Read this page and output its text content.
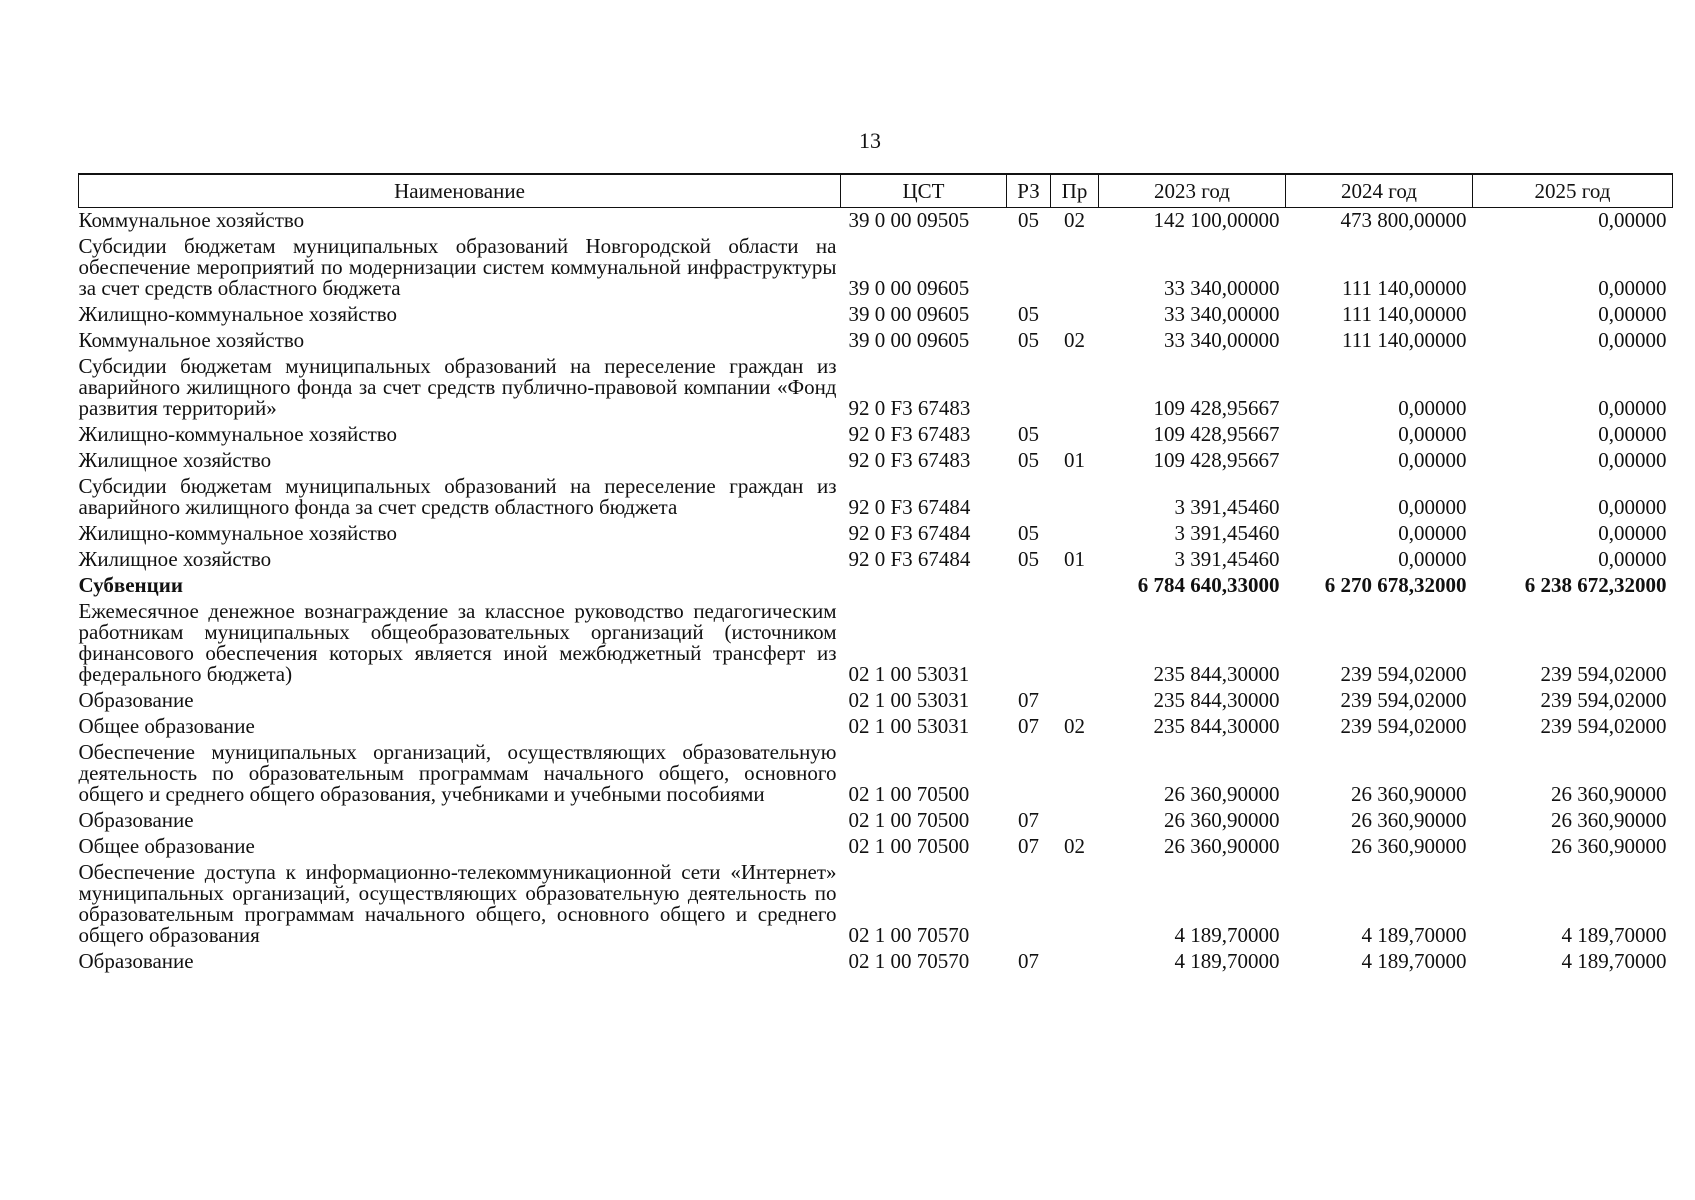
13
Наименование	ЦСТ	РЗ	Пр	2023 год	2024 год	2025 год
Коммунальное хозяйство	39 0 00 09505	05	02	142 100,00000	473 800,00000	0,00000
Субсидии бюджетам муниципальных образований Новгородской области на обеспечение мероприятий по модернизации систем коммунальной инфраструктуры за счет средств областного бюджета	39 0 00 09605			33 340,00000	111 140,00000	0,00000
Жилищно-коммунальное хозяйство	39 0 00 09605	05		33 340,00000	111 140,00000	0,00000
Коммунальное хозяйство	39 0 00 09605	05	02	33 340,00000	111 140,00000	0,00000
Субсидии бюджетам муниципальных образований на переселение граждан из аварийного жилищного фонда за счет средств публично-правовой компании «Фонд развития территорий»	92 0 F3 67483			109 428,95667	0,00000	0,00000
Жилищно-коммунальное хозяйство	92 0 F3 67483	05		109 428,95667	0,00000	0,00000
Жилищное хозяйство	92 0 F3 67483	05	01	109 428,95667	0,00000	0,00000
Субсидии бюджетам муниципальных образований на переселение граждан из аварийного жилищного фонда за счет средств областного бюджета	92 0 F3 67484			3 391,45460	0,00000	0,00000
Жилищно-коммунальное хозяйство	92 0 F3 67484	05		3 391,45460	0,00000	0,00000
Жилищное хозяйство	92 0 F3 67484	05	01	3 391,45460	0,00000	0,00000
Субвенции				6 784 640,33000	6 270 678,32000	6 238 672,32000
Ежемесячное денежное вознаграждение за классное руководство педагогическим работникам муниципальных общеобразовательных организаций (источником финансового обеспечения которых является иной межбюджетный трансферт из федерального бюджета)	02 1 00 53031			235 844,30000	239 594,02000	239 594,02000
Образование	02 1 00 53031	07		235 844,30000	239 594,02000	239 594,02000
Общее образование	02 1 00 53031	07	02	235 844,30000	239 594,02000	239 594,02000
Обеспечение муниципальных организаций, осуществляющих образовательную деятельность по образовательным программам начального общего, основного общего и среднего общего образования, учебниками и учебными пособиями	02 1 00 70500			26 360,90000	26 360,90000	26 360,90000
Образование	02 1 00 70500	07		26 360,90000	26 360,90000	26 360,90000
Общее образование	02 1 00 70500	07	02	26 360,90000	26 360,90000	26 360,90000
Обеспечение доступа к информационно-телекоммуникационной сети «Интернет» муниципальных организаций, осуществляющих образовательную деятельность по образовательным программам начального общего, основного общего и среднего общего образования	02 1 00 70570			4 189,70000	4 189,70000	4 189,70000
Образование	02 1 00 70570	07		4 189,70000	4 189,70000	4 189,70000
